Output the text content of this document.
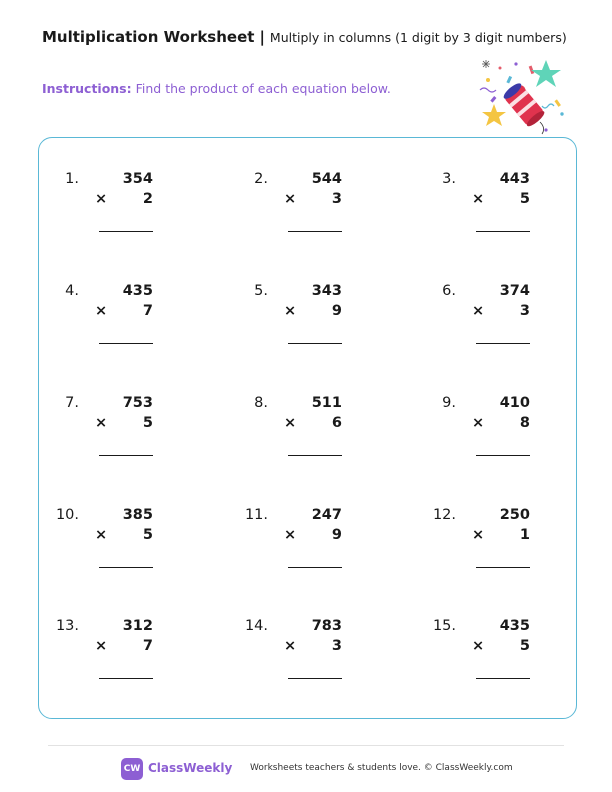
Multiplication Worksheet | Multiply in columns (1 digit by 3 digit numbers)
Instructions: Find the product of each equation below.
1.	354
×	2
2.	544
×	3
3.	443
×	5
4.	435
×	7
5.	343
×	9
6.	374
×	3
7.	753
×	5
8.	511
×	6
9.	410
×	8
10.	385
×	5
11.	247
×	9
12.	250
×	1
13.	312
×	7
14.	783
×	3
15.	435
×	5
CW ClassWeekly Worksheets teachers & students love. © ClassWeekly.com
